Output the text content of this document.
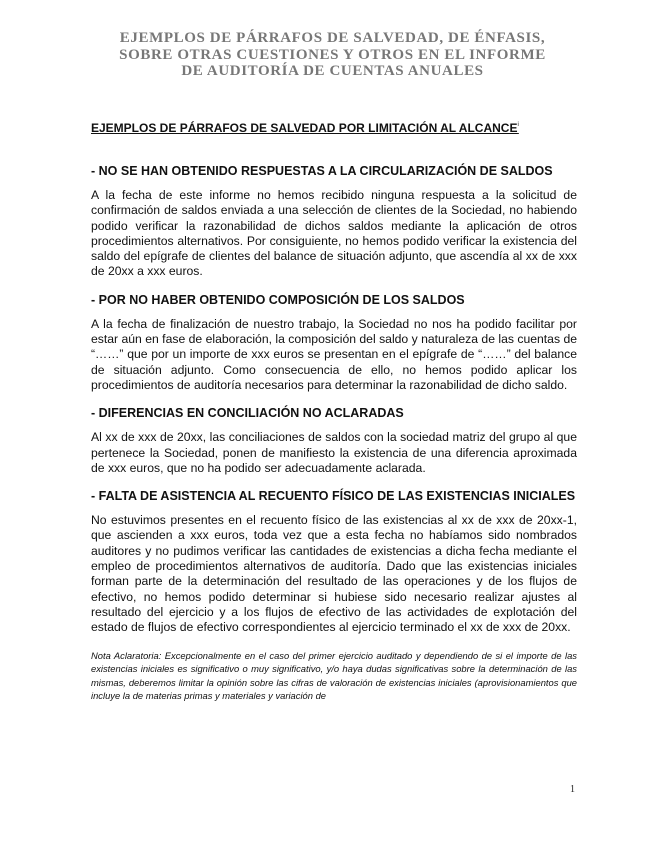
EJEMPLOS DE PÁRRAFOS DE SALVEDAD, DE ÉNFASIS,
SOBRE OTRAS CUESTIONES Y OTROS EN EL INFORME
DE AUDITORÍA DE CUENTAS ANUALES
EJEMPLOS DE PÁRRAFOS DE SALVEDAD POR LIMITACIÓN AL ALCANCE$^i$
- NO SE HAN OBTENIDO RESPUESTAS A LA CIRCULARIZACIÓN DE SALDOS

A la fecha de este informe no hemos recibido ninguna respuesta a la solicitud de confirmación de saldos enviada a una selección de clientes de la Sociedad, no habiendo podido verificar la razonabilidad de dichos saldos mediante la aplicación de otros procedimientos alternativos. Por consiguiente, no hemos podido verificar la existencia del saldo del epígrafe de clientes del balance de situación adjunto, que ascendía al xx de xxx de 20xx a xxx euros.

- POR NO HABER OBTENIDO COMPOSICIÓN DE LOS SALDOS

A la fecha de finalización de nuestro trabajo, la Sociedad no nos ha podido facilitar por estar aún en fase de elaboración, la composición del saldo y naturaleza de las cuentas de “……” que por un importe de xxx euros se presentan en el epígrafe de “……” del balance de situación adjunto. Como consecuencia de ello, no hemos podido aplicar los procedimientos de auditoría necesarios para determinar la razonabilidad de dicho saldo.

- DIFERENCIAS EN CONCILIACIÓN NO ACLARADAS

Al xx de xxx de 20xx, las conciliaciones de saldos con la sociedad matriz del grupo al que pertenece la Sociedad, ponen de manifiesto la existencia de una diferencia aproximada de xxx euros, que no ha podido ser adecuadamente aclarada.

- FALTA DE ASISTENCIA AL RECUENTO FÍSICO DE LAS EXISTENCIAS INICIALES

No estuvimos presentes en el recuento físico de las existencias al xx de xxx de 20xx-1, que ascienden a xxx euros, toda vez que a esta fecha no habíamos sido nombrados auditores y no pudimos verificar las cantidades de existencias a dicha fecha mediante el empleo de procedimientos alternativos de auditoría. Dado que las existencias iniciales forman parte de la determinación del resultado de las operaciones y de los flujos de efectivo, no hemos podido determinar si hubiese sido necesario realizar ajustes al resultado del ejercicio y a los flujos de efectivo de las actividades de explotación del estado de flujos de efectivo correspondientes al ejercicio terminado el xx de xxx de 20xx.

Nota Aclaratoria: Excepcionalmente en el caso del primer ejercicio auditado y dependiendo de si el importe de las existencias iniciales es significativo o muy significativo, y/o haya dudas significativas sobre la determinación de las mismas, deberemos limitar la opinión sobre las cifras de valoración de existencias iniciales (aprovisionamientos que incluye la de materias primas y materiales y variación de

1
